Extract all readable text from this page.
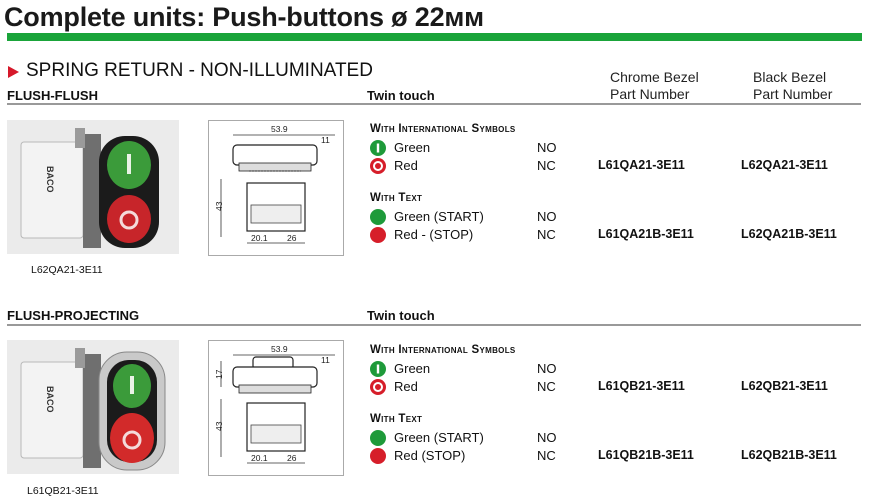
Complete units: Push-buttons ø 22мм
SPRING RETURN - NON-ILLUMINATED	Chrome Bezel
Part Number
Black Bezel
Part Number
FLUSH-FLUSH	Twin touch
BACO
L62QA21-3E11
53.9
11
43
20.1 26
With International Symbols
Green	NO
Red	NC	L61QA21-3E11	L62QA21-3E11
With Text
Green (START)	NO
Red - (STOP)	NC	L61QA21B-3E11	L62QA21B-3E11
FLUSH-PROJECTING	Twin touch
BACO
L61QB21-3E11
53.9
11
17
43
20.1 26
With International Symbols
Green	NO
Red	NC	L61QB21-3E11	L62QB21-3E11
With Text
Green (START)	NO
Red (STOP)	NC	L61QB21B-3E11	L62QB21B-3E11
